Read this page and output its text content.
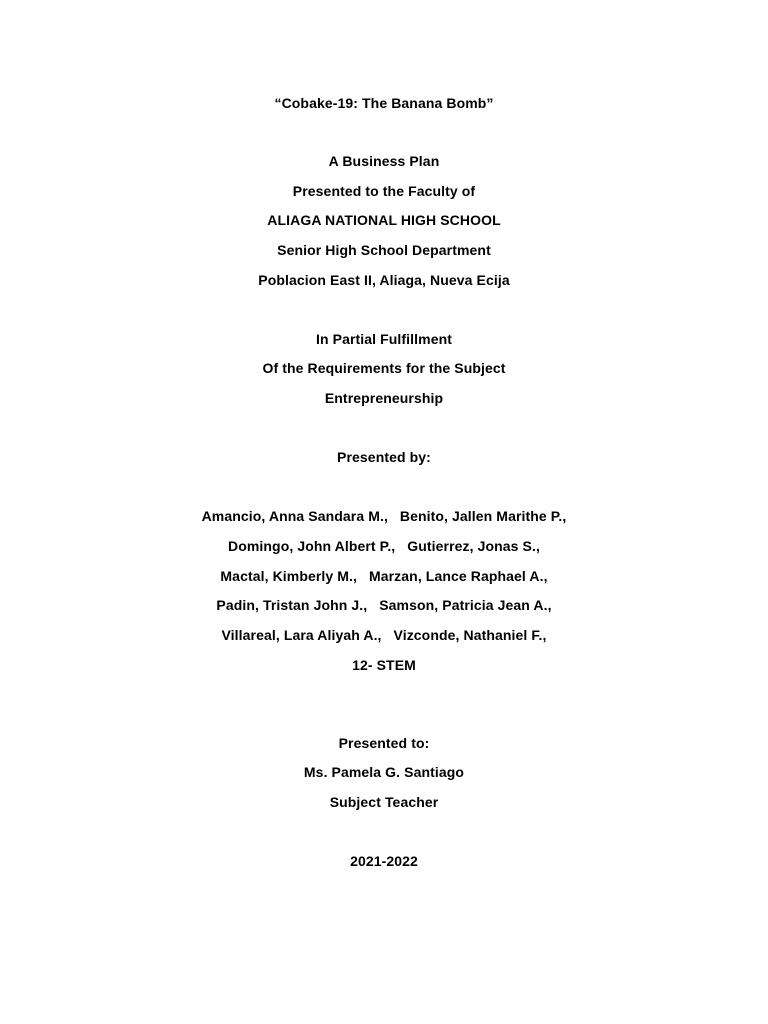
“Cobake-19: The Banana Bomb”
A Business Plan
Presented to the Faculty of
ALIAGA NATIONAL HIGH SCHOOL
Senior High School Department
Poblacion East II, Aliaga, Nueva Ecija
In Partial Fulfillment
Of the Requirements for the Subject
Entrepreneurship
Presented by:
Amancio, Anna Sandara M.,   Benito, Jallen Marithe P.,
Domingo, John Albert P.,   Gutierrez, Jonas S.,
Mactal, Kimberly M.,   Marzan, Lance Raphael A.,
Padin, Tristan John J.,   Samson, Patricia Jean A.,
Villareal, Lara Aliyah A.,   Vizconde, Nathaniel F.,
12- STEM
Presented to:
Ms. Pamela G. Santiago
Subject Teacher
2021-2022
